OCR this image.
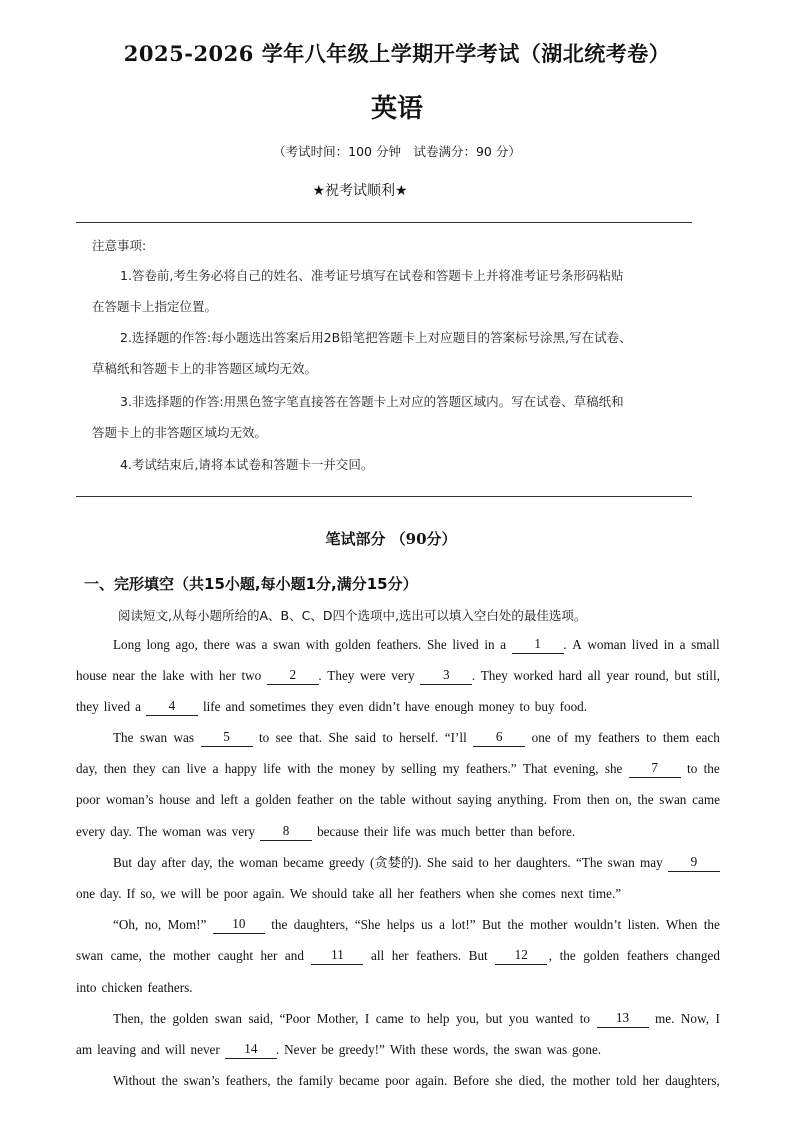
2025-2026 学年八年级上学期开学考试（湖北统考卷）
英语
（考试时间：100 分钟　试卷满分：90 分）
★祝考试顺利★
注意事项:
1.答卷前,考生务必将自己的姓名、准考证号填写在试卷和答题卡上并将准考证号条形码粘贴
在答题卡上指定位置。
2.选择题的作答:每小题选出答案后用2B铅笔把答题卡上对应题目的答案标号涂黑,写在试卷、
草稿纸和答题卡上的非答题区域均无效。
3.非选择题的作答:用黑色签字笔直接答在答题卡上对应的答题区域内。写在试卷、草稿纸和
答题卡上的非答题区域均无效。
4.考试结束后,请将本试卷和答题卡一并交回。
笔试部分 （90分）
一、完形填空（共15小题,每小题1分,满分15分）
阅读短文,从每小题所给的A、B、C、D四个选项中,选出可以填入空白处的最佳选项。
Long long ago, there was a swan with golden feathers. She lived in a	1	. A woman lived in a small
house near the lake with her two	2	. They were very	3	. They worked hard all year round, but still,
they lived a	4	life and sometimes they even didn’t have enough money to buy food.
The swan was	5	to see that. She said to herself. “I’ll	6	one of my feathers to them each
day, then they can live a happy life with the money by selling my feathers.” That evening, she	7	to the
poor woman’s house and left a golden feather on the table without saying anything. From then on, the swan came
every day. The woman was very	8	because their life was much better than before.
But day after day, the woman became greedy (贪婪的). She said to her daughters. “The swan may	9
one day. If so, we will be poor again. We should take all her feathers when she comes next time.”
“Oh, no, Mom!”	10	the daughters, “She helps us a lot!” But the mother wouldn’t listen. When the
swan came, the mother caught her and	11	all her feathers. But	12	, the golden feathers changed
into chicken feathers.
Then, the golden swan said, “Poor Mother, I came to help you, but you wanted to	13	me. Now, I
am leaving and will never	14	. Never be greedy!” With these words, the swan was gone.
Without the swan’s feathers, the family became poor again. Before she died, the mother told her daughters,
